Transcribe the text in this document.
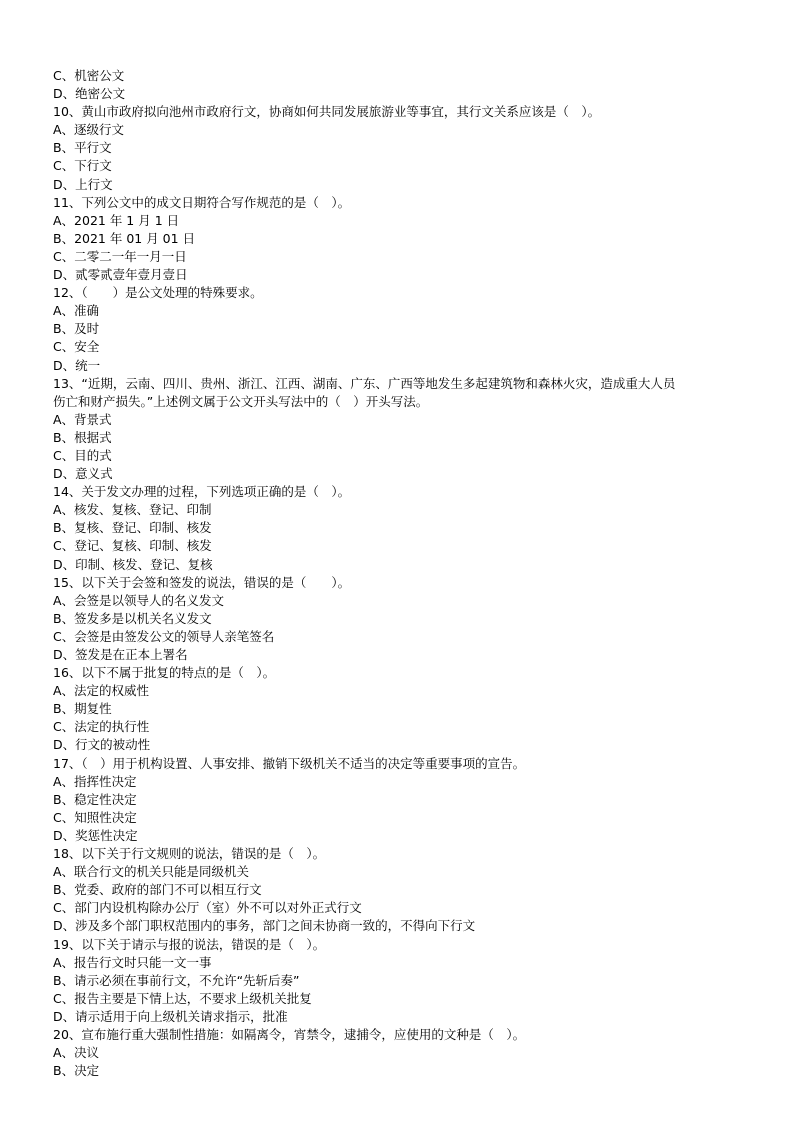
C、机密公文
D、绝密公文
10、黄山市政府拟向池州市政府行文，协商如何共同发展旅游业等事宜，其行文关系应该是（　）。
A、逐级行文
B、平行文
C、下行文
D、上行文
11、下列公文中的成文日期符合写作规范的是（　）。
A、2021 年 1 月 1 日
B、2021 年 01 月 01 日
C、二零二一年一月一日
D、贰零贰壹年壹月壹日
12、（　　）是公文处理的特殊要求。
A、准确
B、及时
C、安全
D、统一
13、“近期，云南、四川、贵州、浙江、江西、湖南、广东、广西等地发生多起建筑物和森林火灾，造成重大人员
伤亡和财产损失。”上述例文属于公文开头写法中的（　）开头写法。
A、背景式
B、根据式
C、目的式
D、意义式
14、关于发文办理的过程，下列选项正确的是（　）。
A、核发、复核、登记、印制
B、复核、登记、印制、核发
C、登记、复核、印制、核发
D、印制、核发、登记、复核
15、以下关于会签和签发的说法，错误的是（　　）。
A、会签是以领导人的名义发文
B、签发多是以机关名义发文
C、会签是由签发公文的领导人亲笔签名
D、签发是在正本上署名
16、以下不属于批复的特点的是（　）。
A、法定的权威性
B、期复性
C、法定的执行性
D、行文的被动性
17、（　）用于机构设置、人事安排、撤销下级机关不适当的决定等重要事项的宣告。
A、指挥性决定
B、稳定性决定
C、知照性决定
D、奖惩性决定
18、以下关于行文规则的说法，错误的是（　）。
A、联合行文的机关只能是同级机关
B、党委、政府的部门不可以相互行文
C、部门内设机构除办公厅（室）外不可以对外正式行文
D、涉及多个部门职权范围内的事务，部门之间未协商一致的，不得向下行文
19、以下关于请示与报的说法，错误的是（　）。
A、报告行文时只能一文一事
B、请示必须在事前行文，不允许“先斩后奏”
C、报告主要是下情上达，不要求上级机关批复
D、请示适用于向上级机关请求指示，批准
20、宣布施行重大强制性措施：如隔离令，宵禁令，逮捕令，应使用的文种是（　）。
A、决议
B、决定
